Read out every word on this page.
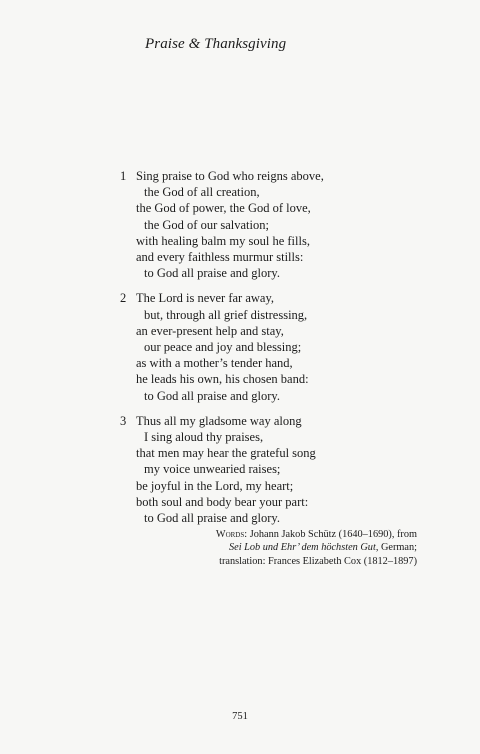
Praise & Thanksgiving
1 Sing praise to God who reigns above,
the God of all creation,
the God of power, the God of love,
the God of our salvation;
with healing balm my soul he fills,
and every faithless murmur stills:
to God all praise and glory.
2 The Lord is never far away,
but, through all grief distressing,
an ever-present help and stay,
our peace and joy and blessing;
as with a mother’s tender hand,
he leads his own, his chosen band:
to God all praise and glory.
3 Thus all my gladsome way along
I sing aloud thy praises,
that men may hear the grateful song
my voice unwearied raises;
be joyful in the Lord, my heart;
both soul and body bear your part:
to God all praise and glory.
Words: Johann Jakob Schütz (1640–1690), from
Sei Lob und Ehr’ dem höchsten Gut, German;
translation: Frances Elizabeth Cox (1812–1897)
751
